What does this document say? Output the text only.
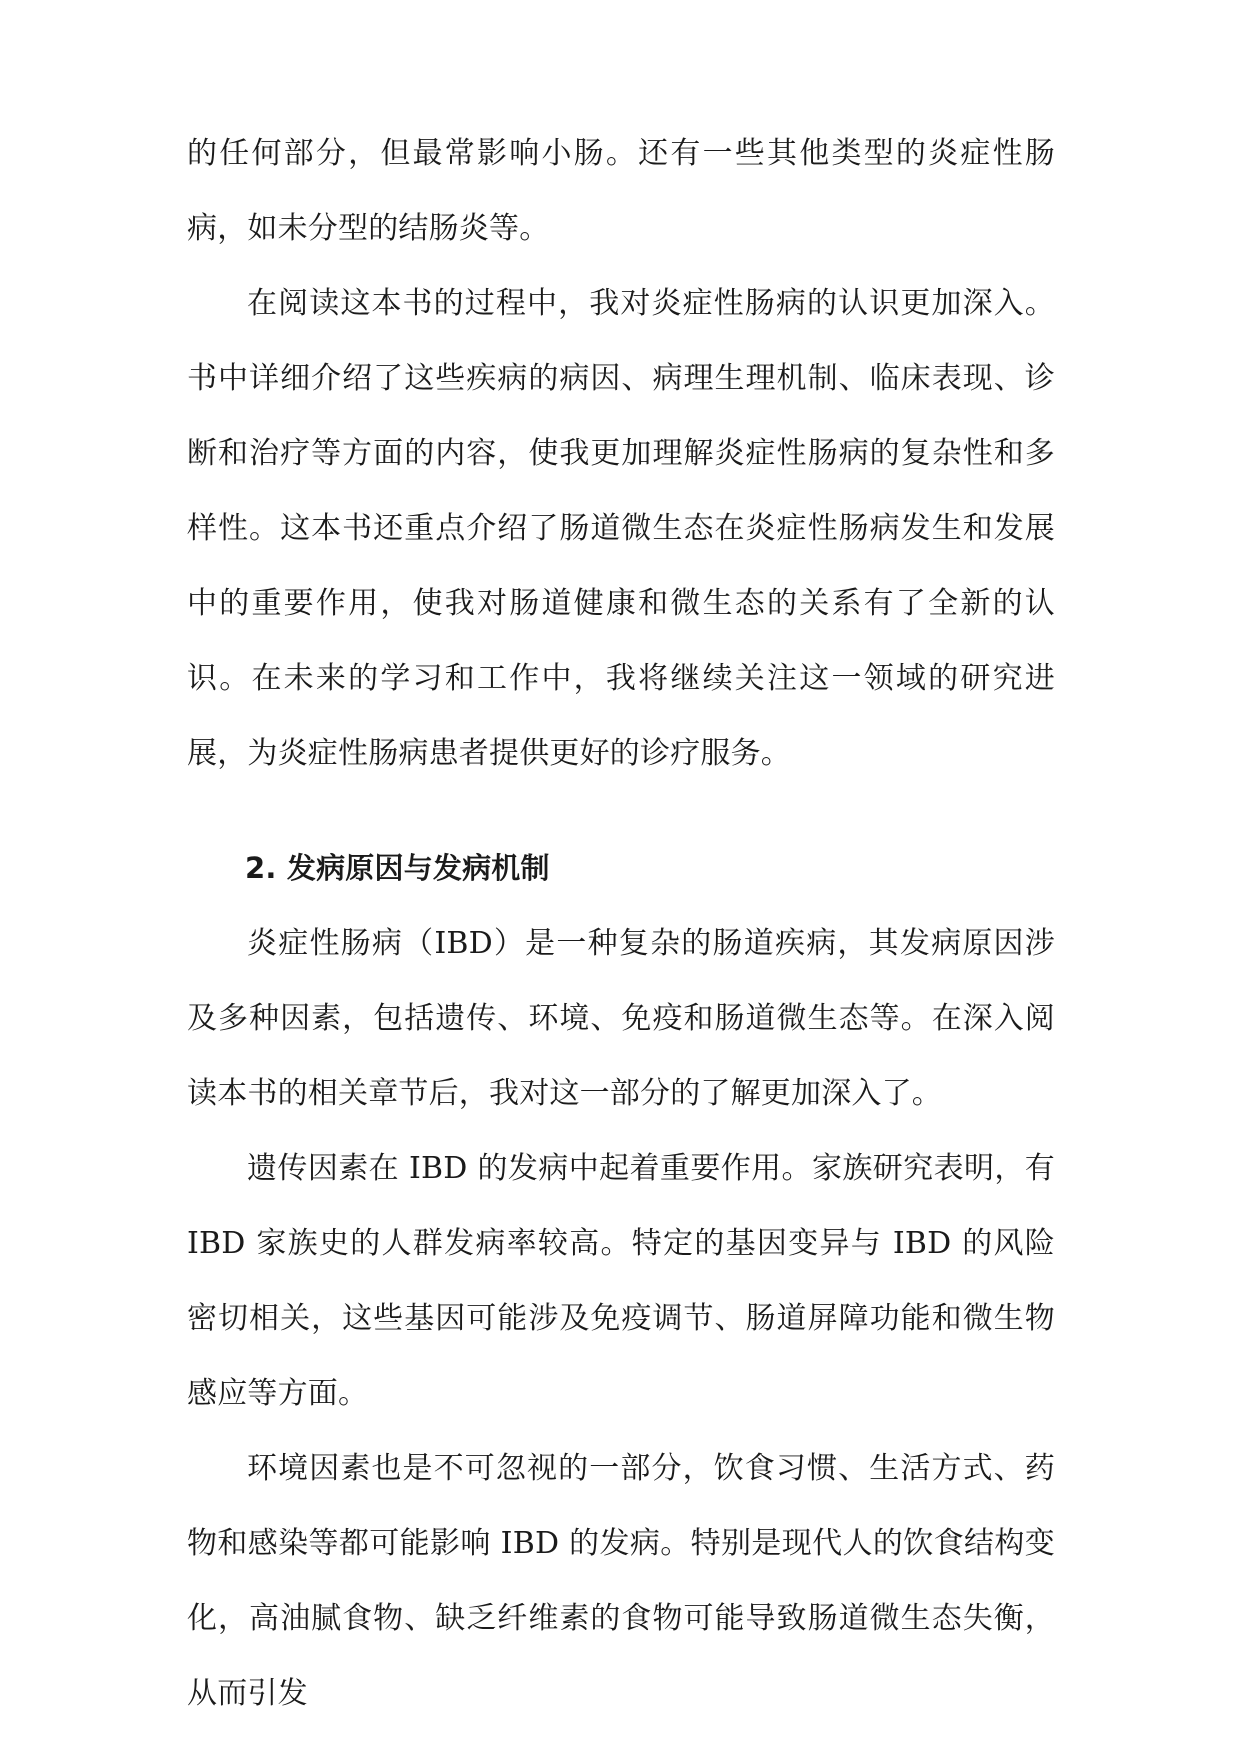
的任何部分，但最常影响小肠。还有一些其他类型的炎症性肠病，如未分型的结肠炎等。

在阅读这本书的过程中，我对炎症性肠病的认识更加深入。书中详细介绍了这些疾病的病因、病理生理机制、临床表现、诊断和治疗等方面的内容，使我更加理解炎症性肠病的复杂性和多样性。这本书还重点介绍了肠道微生态在炎症性肠病发生和发展中的重要作用，使我对肠道健康和微生态的关系有了全新的认识。在未来的学习和工作中，我将继续关注这一领域的研究进展，为炎症性肠病患者提供更好的诊疗服务。

2. 发病原因与发病机制

炎症性肠病（IBD）是一种复杂的肠道疾病，其发病原因涉及多种因素，包括遗传、环境、免疫和肠道微生态等。在深入阅读本书的相关章节后，我对这一部分的了解更加深入了。

遗传因素在 IBD 的发病中起着重要作用。家族研究表明，有 IBD 家族史的人群发病率较高。特定的基因变异与 IBD 的风险密切相关，这些基因可能涉及免疫调节、肠道屏障功能和微生物感应等方面。

环境因素也是不可忽视的一部分，饮食习惯、生活方式、药物和感染等都可能影响 IBD 的发病。特别是现代人的饮食结构变化，高油腻食物、缺乏纤维素的食物可能导致肠道微生态失衡，从而引发
